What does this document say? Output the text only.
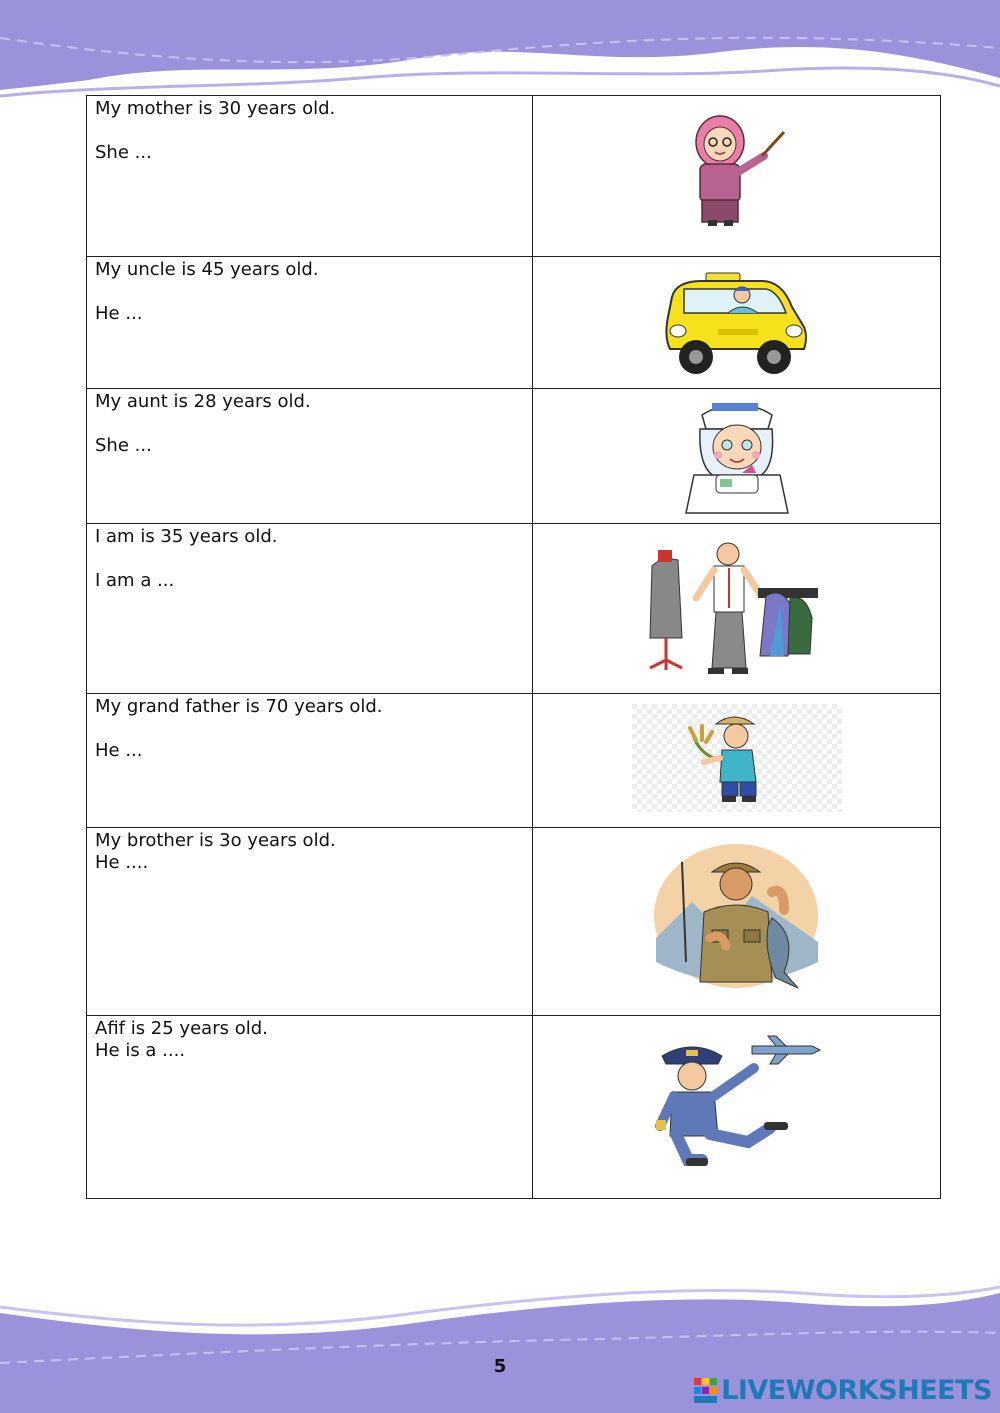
My mother is 30 years old.

She ...

My uncle is 45 years old.

He ...

My aunt is 28 years old.

She ...

I am is 35 years old.

I am a ...

My grand father is 70 years old.

He ...

My brother is 3o years old.

He ....

Afif is 25 years old.

He is a ....

5
LIVEWORKSHEETS
